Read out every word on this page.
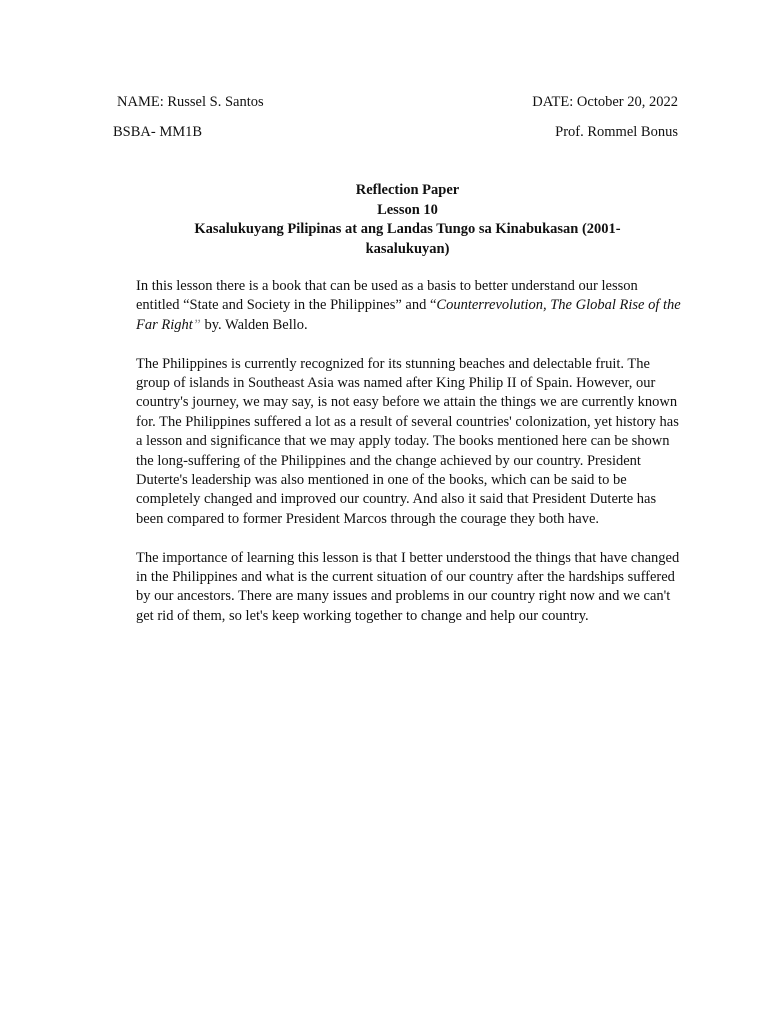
NAME: Russel S. Santos	DATE: October 20, 2022
BSBA- MM1B	Prof. Rommel Bonus
Reflection Paper
Lesson 10
Kasalukuyang Pilipinas at ang Landas Tungo sa Kinabukasan (2001-
kasalukuyan)

In this lesson there is a book that can be used as a basis to better understand our lesson entitled “State and Society in the Philippines” and “Counterrevolution, The Global Rise of the Far Right” by. Walden Bello.

The Philippines is currently recognized for its stunning beaches and delectable fruit. The group of islands in Southeast Asia was named after King Philip II of Spain. However, our country's journey, we may say, is not easy before we attain the things we are currently known for. The Philippines suffered a lot as a result of several countries' colonization, yet history has a lesson and significance that we may apply today. The books mentioned here can be shown the long-suffering of the Philippines and the change achieved by our country. President Duterte's leadership was also mentioned in one of the books, which can be said to be completely changed and improved our country. And also it said that President Duterte has been compared to former President Marcos through the courage they both have.

The importance of learning this lesson is that I better understood the things that have changed in the Philippines and what is the current situation of our country after the hardships suffered by our ancestors. There are many issues and problems in our country right now and we can't get rid of them, so let's keep working together to change and help our country.
